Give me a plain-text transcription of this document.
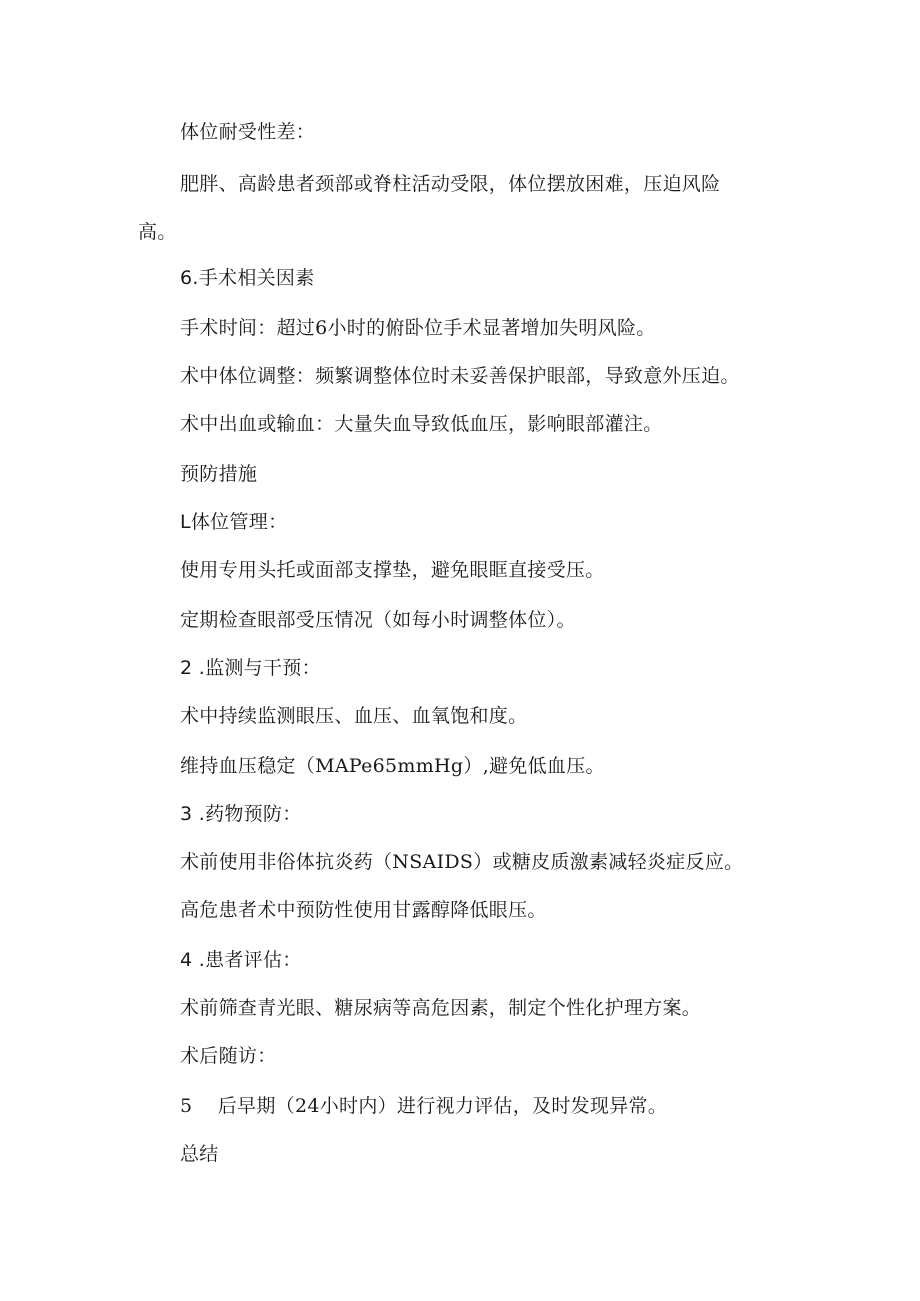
体位耐受性差：
肥胖、高龄患者颈部或脊柱活动受限，体位摆放困难，压迫风险
高。
6.手术相关因素
手术时间：超过6小时的俯卧位手术显著增加失明风险。
术中体位调整：频繁调整体位时未妥善保护眼部，导致意外压迫。
术中出血或输血：大量失血导致低血压，影响眼部灌注。
预防措施
L体位管理：
使用专用头托或面部支撑垫，避免眼眶直接受压。
定期检查眼部受压情况（如每小时调整体位）。
2 .监测与干预：
术中持续监测眼压、血压、血氧饱和度。
维持血压稳定（MAPe65mmHg）,避免低血压。
3 .药物预防：
术前使用非俗体抗炎药（NSAIDS）或糖皮质激素减轻炎症反应。
高危患者术中预防性使用甘露醇降低眼压。
4 .患者评估：
术前筛查青光眼、糖尿病等高危因素，制定个性化护理方案。
术后随访：
5    后早期（24小时内）进行视力评估，及时发现异常。
总结
